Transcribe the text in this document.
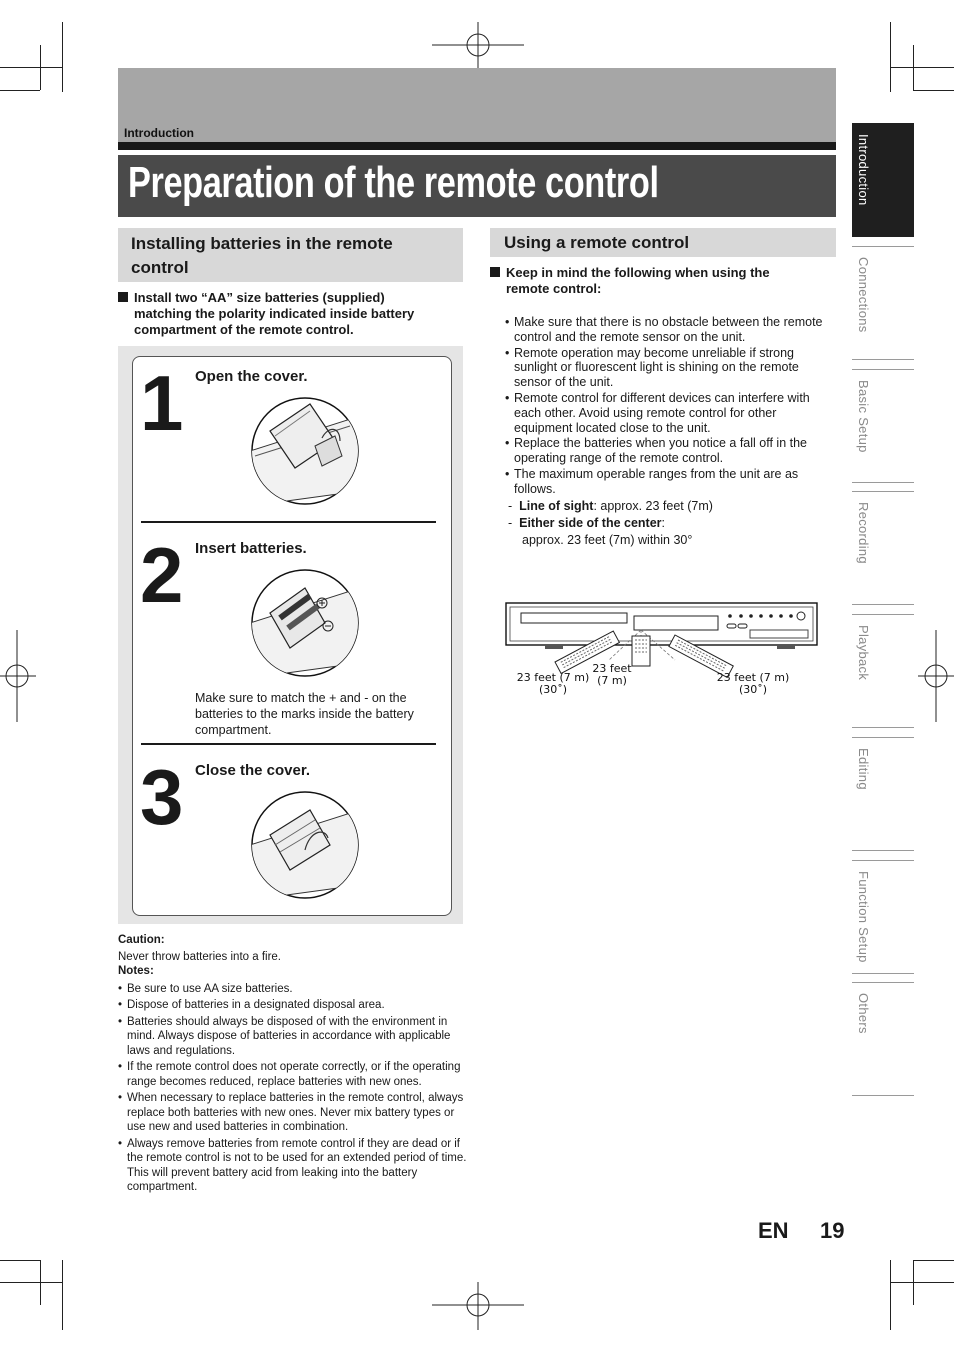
Introduction
Preparation of the remote control	Introduction
Connections
Basic Setup
Recording
Playback
Editing
Function Setup
Others
Installing batteries in the remote control
Install two “AA” size batteries (supplied)
matching the polarity indicated inside battery
compartment of the remote control.
1 Open the cover.
2 Insert batteries.
Make sure to match the + and - on the batteries to the marks inside the battery compartment.
3 Close the cover.
Caution:
Never throw batteries into a fire.
Notes:
• Be sure to use AA size batteries.
• Dispose of batteries in a designated disposal area.
• Batteries should always be disposed of with the environment in mind. Always dispose of batteries in accordance with applicable laws and regulations.
• If the remote control does not operate correctly, or if the operating range becomes reduced, replace batteries with new ones.
• When necessary to replace batteries in the remote control, always replace both batteries with new ones. Never mix battery types or use new and used batteries in combination.
• Always remove batteries from remote control if they are dead or if the remote control is not to be used for an extended period of time. This will prevent battery acid from leaking into the battery compartment.
Using a remote control
Keep in mind the following when using the
remote control:
• Make sure that there is no obstacle between the remote control and the remote sensor on the unit.
• Remote operation may become unreliable if strong sunlight or fluorescent light is shining on the remote sensor of the unit.
• Remote control for different devices can interfere with each other. Avoid using remote control for other equipment located close to the unit.
• Replace the batteries when you notice a fall off in the operating range of the remote control.
• The maximum operable ranges from the unit are as follows.
- Line of sight: approx. 23 feet (7m)
- Either side of the center:
approx. 23 feet (7m) within 30°
23 feet (7 m)
(30˚)
23 feet
(7 m)	23 feet (7 m)
(30˚)
EN 19
